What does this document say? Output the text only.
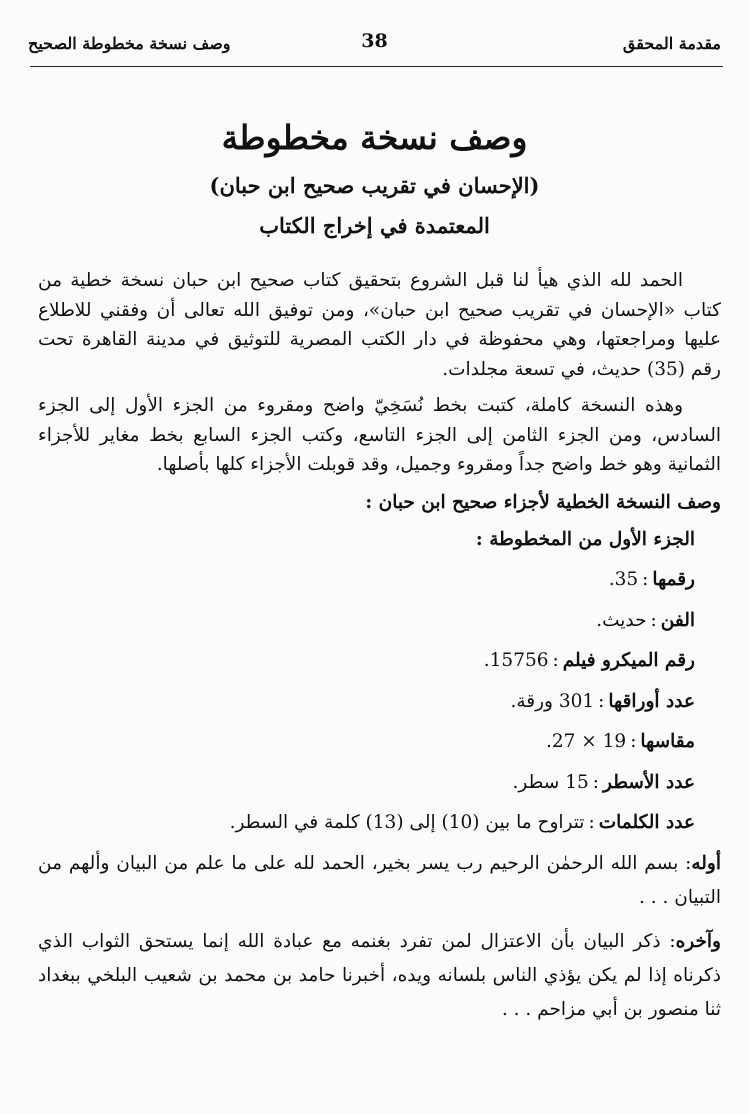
مقدمة المحقق
38
وصف نسخة مخطوطة الصحيح
وصف نسخة مخطوطة
(الإحسان في تقريب صحيح ابن حبان)
المعتمدة في إخراج الكتاب

الحمد لله الذي هيأ لنا قبل الشروع بتحقيق كتاب صحيح ابن حبان نسخة خطية من كتاب «الإحسان في تقريب صحيح ابن حبان»، ومن توفيق الله تعالى أن وفقني للاطلاع عليها ومراجعتها، وهي محفوظة في دار الكتب المصرية للتوثيق في مدينة القاهرة تحت رقم (35) حديث، في تسعة مجلدات.

وهذه النسخة كاملة، كتبت بخط نُسَخِيّ واضح ومقروء من الجزء الأول إلى الجزء السادس، ومن الجزء الثامن إلى الجزء التاسع، وكتب الجزء السابع بخط مغاير للأجزاء الثمانية وهو خط واضح جداً ومقروء وجميل، وقد قوبلت الأجزاء كلها بأصلها.

وصف النسخة الخطية لأجزاء صحيح ابن حبان :

الجزء الأول من المخطوطة :

رقمها:35.

الفن:حديث.

رقم الميكرو فيلم:15756.

عدد أوراقها:301 ورقة.

مقاسها:19 × 27.

عدد الأسطر:15 سطر.

عدد الكلمات:تتراوح ما بين (10) إلى (13) كلمة في السطر.

أوله: بسم الله الرحمٰن الرحيم رب يسر بخير، الحمد لله على ما علم من البيان وألهم من التبيان . . .

وآخره: ذكر البيان بأن الاعتزال لمن تفرد بغنمه مع عبادة الله إنما يستحق الثواب الذي ذكرناه إذا لم يكن يؤذي الناس بلسانه ويده، أخبرنا حامد بن محمد بن شعيب البلخي ببغداد ثنا منصور بن أبي مزاحم . . .
